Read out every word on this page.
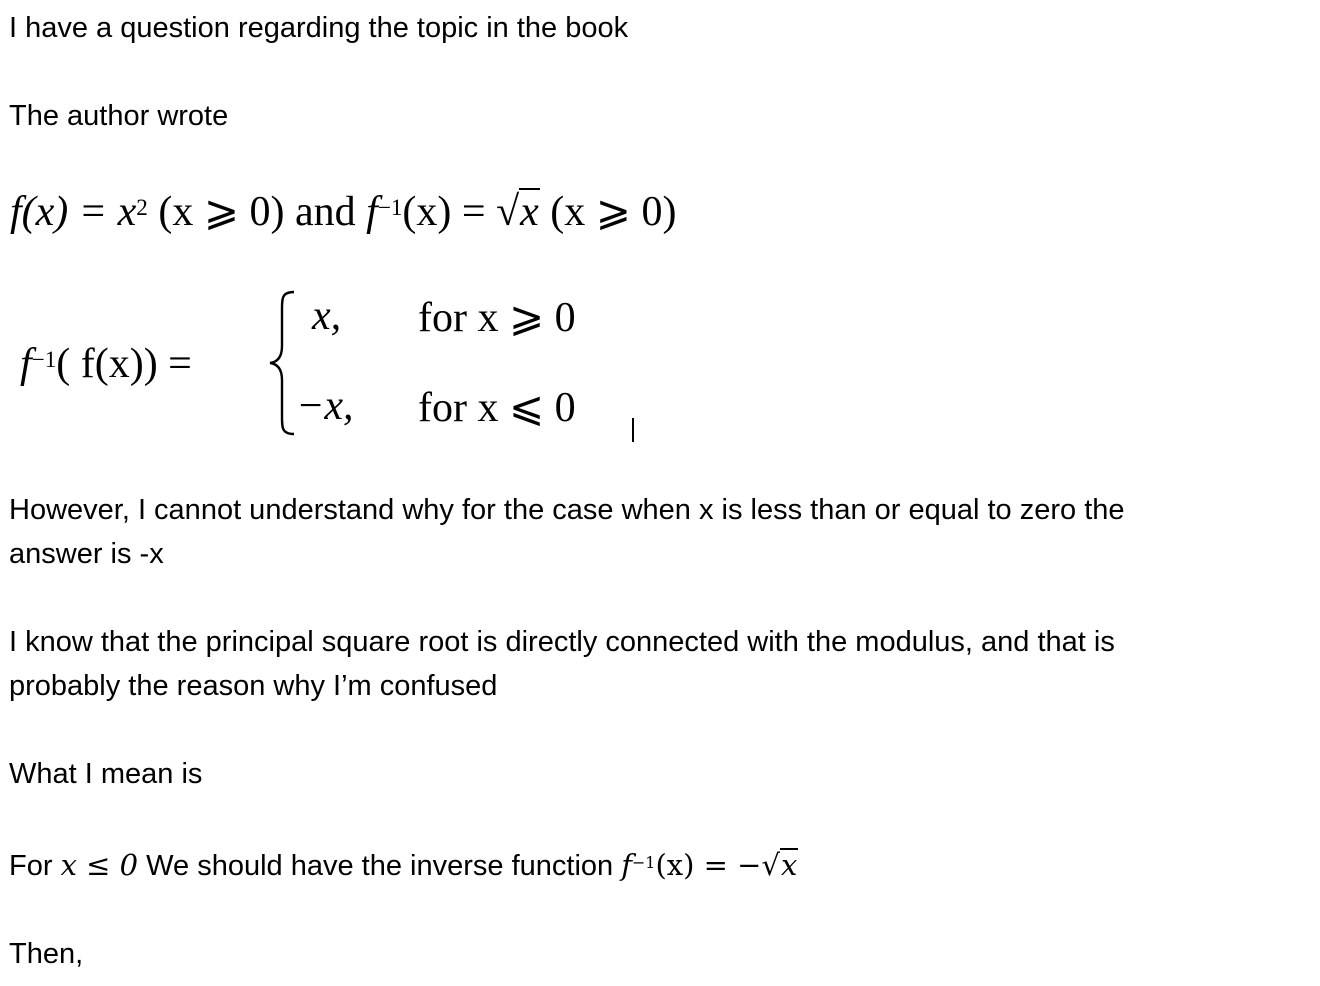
I have a question regarding the topic in the book
The author wrote
$f(x) = x^2$ (x ⩾ 0) and $f^{-1}(x) = √x$ (x ⩾ 0)
$f^{-1}$( f(x)) =
x, for x ⩾ 0
−x, for x ⩽ 0
However, I cannot understand why for the case when x is less than or equal to zero the
answer is -x
I know that the principal square root is directly connected with the modulus, and that is
probably the reason why I’m confused
What I mean is
For x ≤ 0 We should have the inverse function $f^{-1}(x) = -√x$
Then,
